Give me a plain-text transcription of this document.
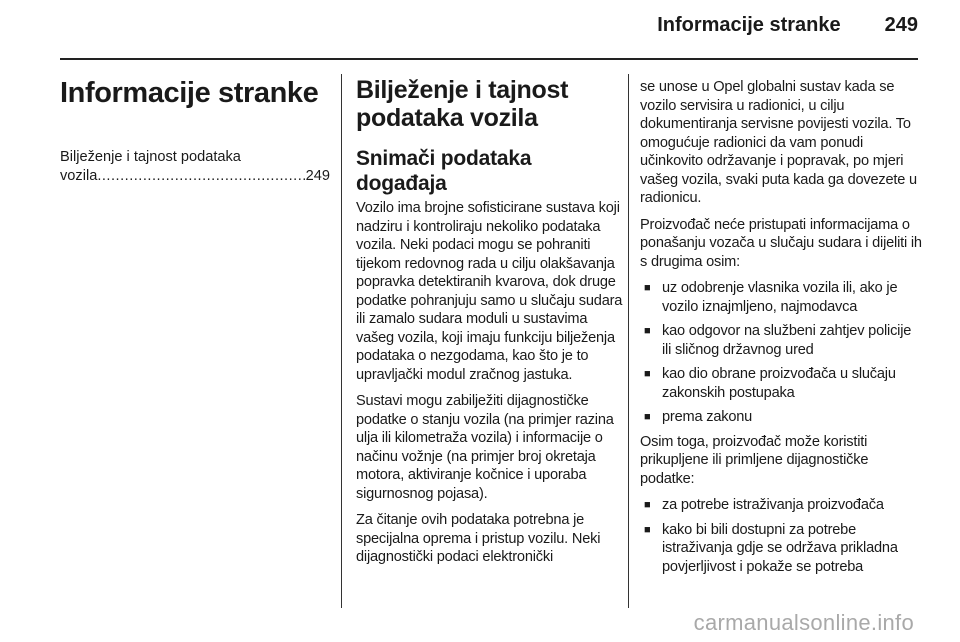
Informacije stranke 249
Informacije stranke
Bilježenje i tajnost podataka
vozila
.....	249
Bilježenje i tajnost podataka vozila
Snimači podataka događaja

Vozilo ima brojne sofisticirane sustava koji nadziru i kontroliraju nekoliko podataka vozila. Neki podaci mogu se pohraniti tijekom redovnog rada u cilju olakšavanja popravka detektiranih kvarova, dok druge podatke pohranjuju samo u slučaju sudara ili zamalo sudara moduli u sustavima vašeg vozila, koji imaju funkciju bilježenja podataka o nezgodama, kao što je to upravljački modul zračnog jastuka.

Sustavi mogu zabilježiti dijagnostičke podatke o stanju vozila (na primjer razina ulja ili kilometraža vozila) i informacije o načinu vožnje (na primjer broj okretaja motora, aktiviranje kočnice i uporaba sigurnosnog pojasa).

Za čitanje ovih podataka potrebna je specijalna oprema i pristup vozilu. Neki dijagnostički podaci elektronički

se unose u Opel globalni sustav kada se vozilo servisira u radionici, u cilju dokumentiranja servisne povijesti vozila. To omogućuje radionici da vam ponudi učinkovito održavanje i popravak, po mjeri vašeg vozila, svaki puta kada ga dovezete u radionicu.

Proizvođač neće pristupati informacijama o ponašanju vozača u slučaju sudara i dijeliti ih s drugima osim:

■ uz odobrenje vlasnika vozila ili, ako je vozilo iznajmljeno, najmodavca
■ kao odgovor na službeni zahtjev policije ili sličnog državnog ured
■ kao dio obrane proizvođača u slučaju zakonskih postupaka
■ prema zakonu

Osim toga, proizvođač može koristiti prikupljene ili primljene dijagnostičke podatke:

■ za potrebe istraživanja proizvođača
■ kako bi bili dostupni za potrebe istraživanja gdje se održava prikladna povjerljivost i pokaže se potreba
carmanualsonline.info
